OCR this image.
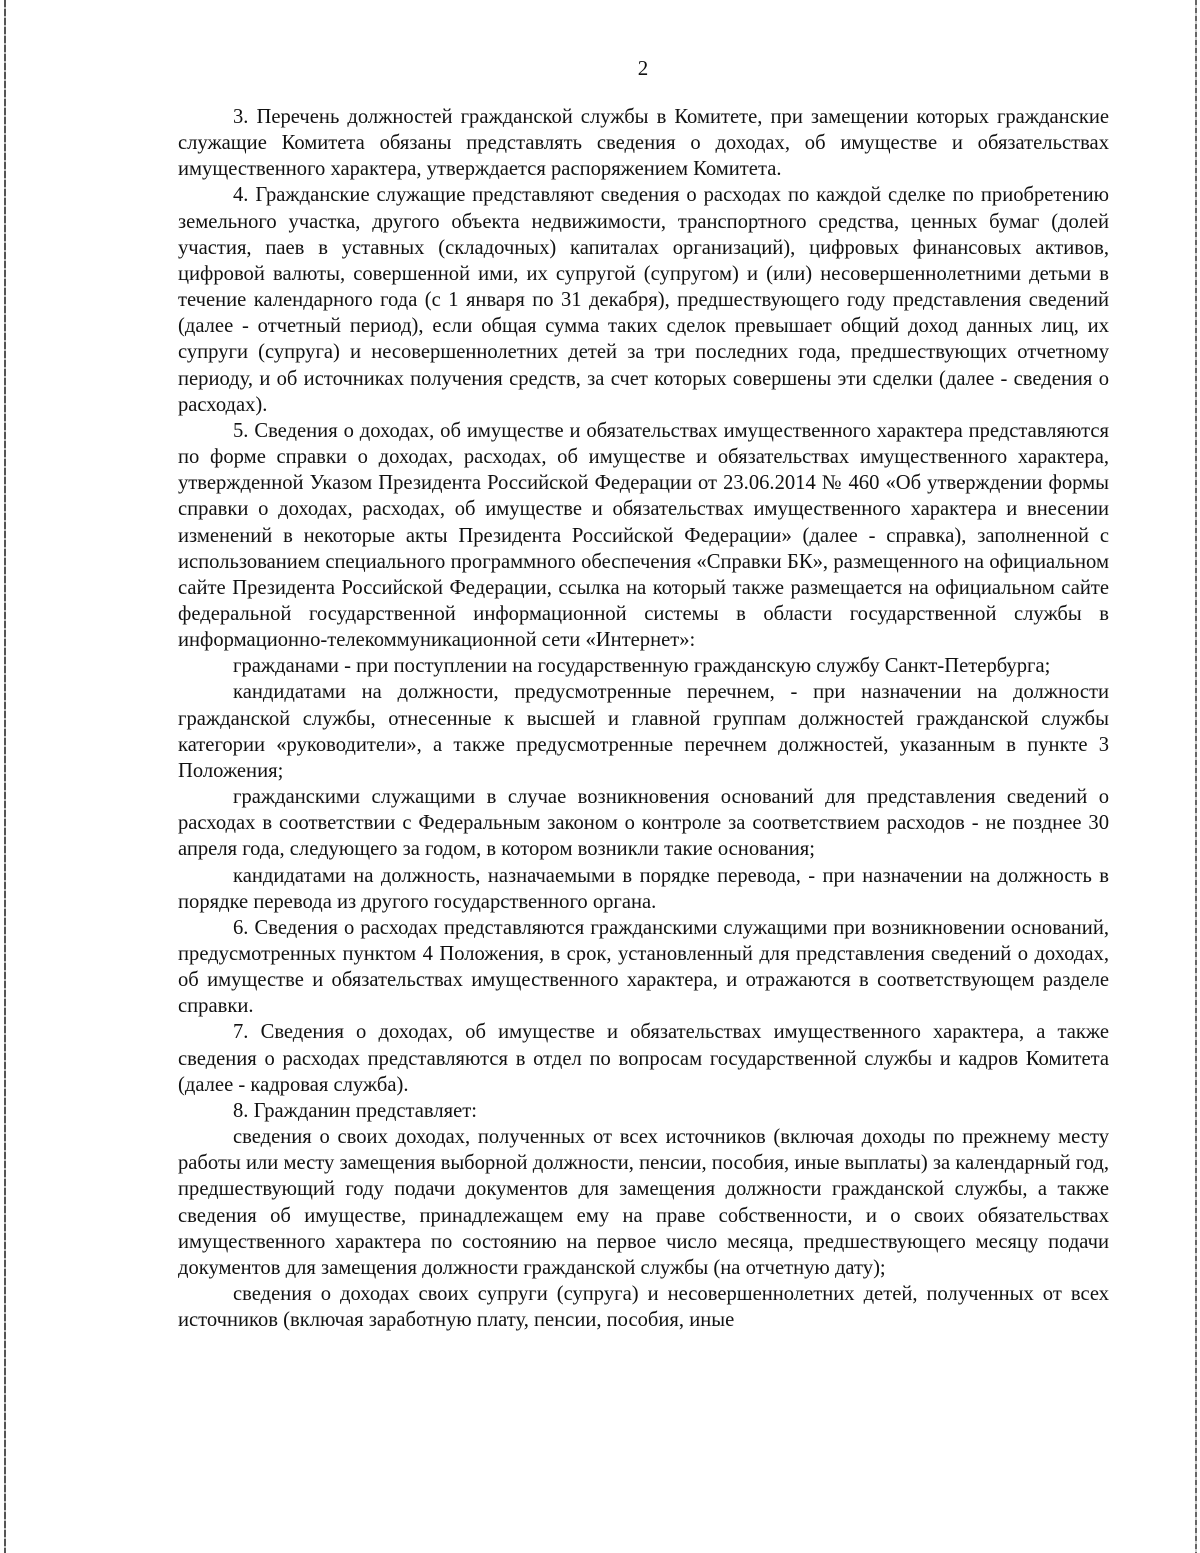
2

3. Перечень должностей гражданской службы в Комитете, при замещении которых гражданские служащие Комитета обязаны представлять сведения о доходах, об имуществе и обязательствах имущественного характера, утверждается распоряжением Комитета.

4. Гражданские служащие представляют сведения о расходах по каждой сделке по приобретению земельного участка, другого объекта недвижимости, транспортного средства, ценных бумаг (долей участия, паев в уставных (складочных) капиталах организаций), цифровых финансовых активов, цифровой валюты, совершенной ими, их супругой (супругом) и (или) несовершеннолетними детьми в течение календарного года (с 1 января по 31 декабря), предшествующего году представления сведений (далее - отчетный период), если общая сумма таких сделок превышает общий доход данных лиц, их супруги (супруга) и несовершеннолетних детей за три последних года, предшествующих отчетному периоду, и об источниках получения средств, за счет которых совершены эти сделки (далее - сведения о расходах).

5. Сведения о доходах, об имуществе и обязательствах имущественного характера представляются по форме справки о доходах, расходах, об имуществе и обязательствах имущественного характера, утвержденной Указом Президента Российской Федерации от 23.06.2014 № 460 «Об утверждении формы справки о доходах, расходах, об имуществе и обязательствах имущественного характера и внесении изменений в некоторые акты Президента Российской Федерации» (далее - справка), заполненной с использованием специального программного обеспечения «Справки БК», размещенного на официальном сайте Президента Российской Федерации, ссылка на который также размещается на официальном сайте федеральной государственной информационной системы в области государственной службы в информационно-телекоммуникационной сети «Интернет»:

гражданами - при поступлении на государственную гражданскую службу Санкт-Петербурга;

кандидатами на должности, предусмотренные перечнем, - при назначении на должности гражданской службы, отнесенные к высшей и главной группам должностей гражданской службы категории «руководители», а также предусмотренные перечнем должностей, указанным в пункте 3 Положения;

гражданскими служащими в случае возникновения оснований для представления сведений о расходах в соответствии с Федеральным законом о контроле за соответствием расходов - не позднее 30 апреля года, следующего за годом, в котором возникли такие основания;

кандидатами на должность, назначаемыми в порядке перевода, - при назначении на должность в порядке перевода из другого государственного органа.

6. Сведения о расходах представляются гражданскими служащими при возникновении оснований, предусмотренных пунктом 4 Положения, в срок, установленный для представления сведений о доходах, об имуществе и обязательствах имущественного характера, и отражаются в соответствующем разделе справки.

7. Сведения о доходах, об имуществе и обязательствах имущественного характера, а также сведения о расходах представляются в отдел по вопросам государственной службы и кадров Комитета (далее - кадровая служба).

8. Гражданин представляет:

сведения о своих доходах, полученных от всех источников (включая доходы по прежнему месту работы или месту замещения выборной должности, пенсии, пособия, иные выплаты) за календарный год, предшествующий году подачи документов для замещения должности гражданской службы, а также сведения об имуществе, принадлежащем ему на праве собственности, и о своих обязательствах имущественного характера по состоянию на первое число месяца, предшествующего месяцу подачи документов для замещения должности гражданской службы (на отчетную дату);

сведения о доходах своих супруги (супруга) и несовершеннолетних детей, полученных от всех источников (включая заработную плату, пенсии, пособия, иные
